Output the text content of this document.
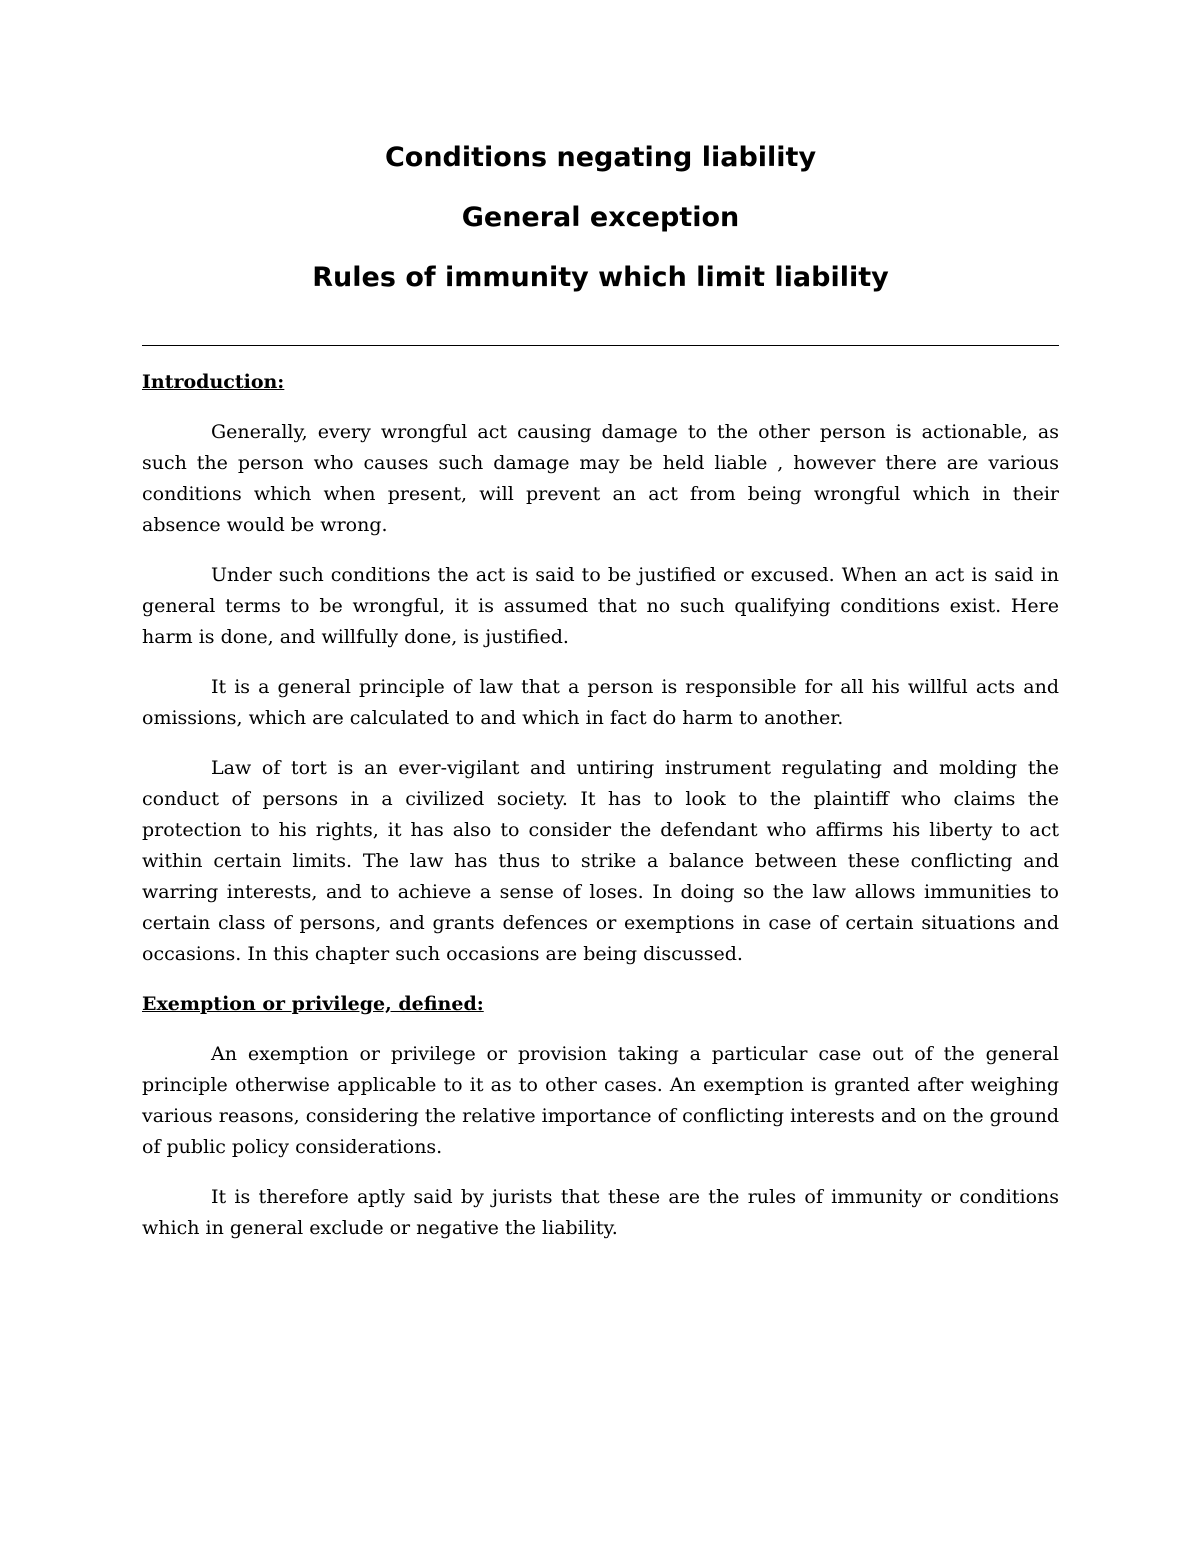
Conditions negating liability
General exception
Rules of immunity which limit liability

Introduction:

Generally, every wrongful act causing damage to the other person is actionable, as such the person who causes such damage may be held liable , however there are various conditions which when present, will prevent an act from being wrongful which in their absence would be wrong.

Under such conditions the act is said to be justified or excused. When an act is said in general terms to be wrongful, it is assumed that no such qualifying conditions exist. Here harm is done, and willfully done, is justified.

It is a general principle of law that a person is responsible for all his willful acts and omissions, which are calculated to and which in fact do harm to another.

Law of tort is an ever-vigilant and untiring instrument regulating and molding the conduct of persons in a civilized society. It has to look to the plaintiff who claims the protection to his rights, it has also to consider the defendant who affirms his liberty to act within certain limits. The law has thus to strike a balance between these conflicting and warring interests, and to achieve a sense of loses. In doing so the law allows immunities to certain class of persons, and grants defences or exemptions in case of certain situations and occasions. In this chapter such occasions are being discussed.

Exemption or privilege, defined:

An exemption or privilege or provision taking a particular case out of the general principle otherwise applicable to it as to other cases. An exemption is granted after weighing various reasons, considering the relative importance of conflicting interests and on the ground of public policy considerations.

It is therefore aptly said by jurists that these are the rules of immunity or conditions which in general exclude or negative the liability.
